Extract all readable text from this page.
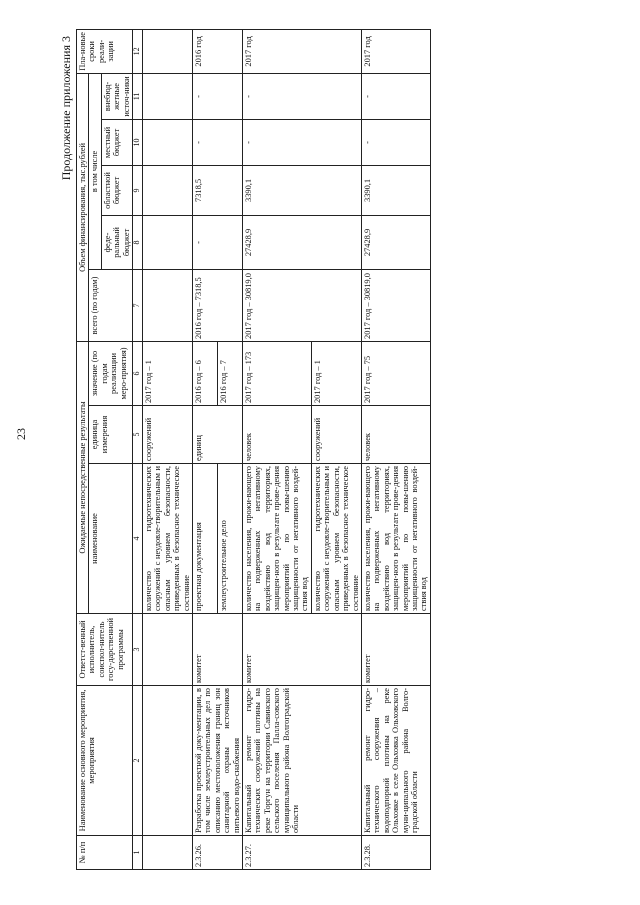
23
Продолжение приложения 3
№ п/п	Наименование основного мероприятия, мероприятия	Ответст-венный исполнитель, соиспол-нитель госу-дарственной программы	Ожидаемые непосредственные результаты			Объем финансирования, тыс.рублей					Пла-новые сроки реали-зации
			наименование	единица измерения	значение (по годам реализации меро-приятия)	всего (по годам)	в том числе				
							феде-ральный бюджет	областной бюджет	местный бюджет	внебюд-жетные источ-ники	
1	2	3	4	5	6	7	8	9	10	11	12
			количество гидротехнических сооружений с неудовле-творительным и опасным уровнем безопасности, приведенных в безопасное техническое состояние	сооружений	2017 год – 1						
2.3.26.	Разработка проектной доку-ментации, в том числе землеустроительных дел по описанию местоположения границ зон санитарной охраны источников питьевого водо-снабжения	комитет	проектная документация	единиц	2016 год – 6	2016 год – 7318,5	-	7318,5	-	-	2016 год
			землеустроительное дело		2016 год – 7						
2.3.27.	Капитальный ремонт гидро-технических сооружений плотины на реке Торгун на территории Савинского сельского поселения Палла-совского муниципального района Волгоградской области	комитет	количество населения, прожи-вающего на подверженных негативному воздействию вод территориях, защищен-ного в результате прове-дения мероприятий по повы-шению защищенности от негативного воздей-ствия вод	человек	2017 год – 173	2017 год – 30819,0	27428,9	3390,1	-	-	2017 год
			количество гидротехнических сооружений с неудовле-творительным и опасным уровнем безопасности, приведенных в безопасное техническое состояние	сооружений	2017 год – 1						
2.3.28.	Капитальный ремонт гидро-технического сооружения – водоподпорной плотины на реке Ольховке в селе Ольховка Ольховского муни-ципального района Волго-градской области	комитет	количество населения, прожи-вающего на подверженных негативному воздействию вод территориях, защищен-ного в результате прове-дения мероприятий по повы-шению защищенности от негативного воздей-ствия вод	человек	2017 год – 75	2017 год – 30819,0	27428,9	3390,1	-	-	2017 год
